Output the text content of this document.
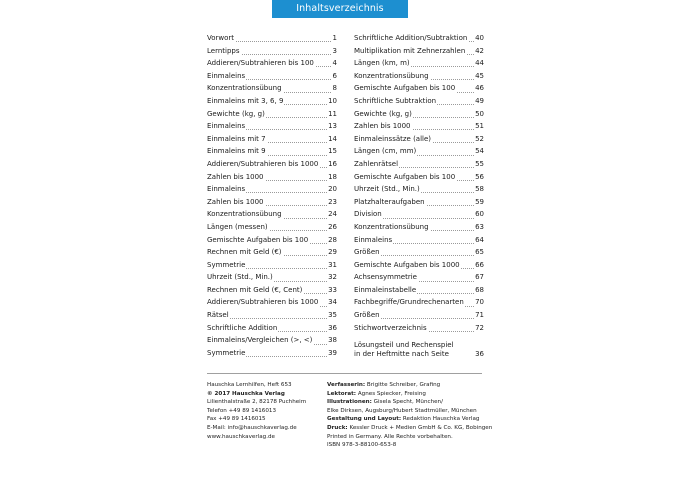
Inhaltsverzeichnis
Vorwort	1
Lerntipps	3
Addieren/Subtrahieren bis 100	4
Einmaleins	6
Konzentrationsübung	8
Einmaleins mit 3, 6, 9	10
Gewichte (kg, g)	11
Einmaleins	13
Einmaleins mit 7	14
Einmaleins mit 9	15
Addieren/Subtrahieren bis 1000 16
Zahlen bis 1000	18
Einmaleins	20
Zahlen bis 1000	23
Konzentrationsübung	24
Längen (messen)	26
Gemischte Aufgaben bis 100	28
Rechnen mit Geld (€)	29
Symmetrie	31
Uhrzeit (Std., Min.)	32
Rechnen mit Geld (€, Cent)	33
Addieren/Subtrahieren bis 1000 34
Rätsel	35
Schriftliche Addition	36
Einmaleins/Vergleichen (>, <) 38
Symmetrie	39
Schriftliche Addition/Subtraktion 40
Multiplikation mit Zehnerzahlen 42
Längen (km, m)	44
Konzentrationsübung	45
Gemischte Aufgaben bis 100	46
Schriftliche Subtraktion	49
Gewichte (kg, g)	50
Zahlen bis 1000	51
Einmaleinssätze (alle)	52
Längen (cm, mm)	54
Zahlenrätsel	55
Gemischte Aufgaben bis 100	56
Uhrzeit (Std., Min.)	58
Platzhalteraufgaben	59
Division	60
Konzentrationsübung	63
Einmaleins	64
Größen	65
Gemischte Aufgaben bis 1000 66
Achsensymmetrie	67
Einmaleinstabelle	68
Fachbegriffe/Grundrechenarten 70
Größen	71
Stichwortverzeichnis	72
Lösungsteil und Rechenspiel
in der Heftmitte nach Seite	36
Hauschka Lernhilfen, Heft 653
© 2017 Hauschka Verlag
Lilienthalstraße 2, 82178 Puchheim
Telefon +49 89 1416013
Fax +49 89 1416015
E-Mail: info@hauschkaverlag.de
www.hauschkaverlag.de
Verfasserin: Brigitte Schreiber, Grafing
Lektorat: Agnes Spiecker, Freising
Illustrationen: Gisela Specht, München/
Elke Dirksen, Augsburg/Hubert Stadtmüller, München
Gestaltung und Layout: Redaktion Hauschka Verlag
Druck: Kessler Druck + Medien GmbH & Co. KG, Bobingen
Printed in Germany. Alle Rechte vorbehalten.
ISBN 978-3-88100-653-8
